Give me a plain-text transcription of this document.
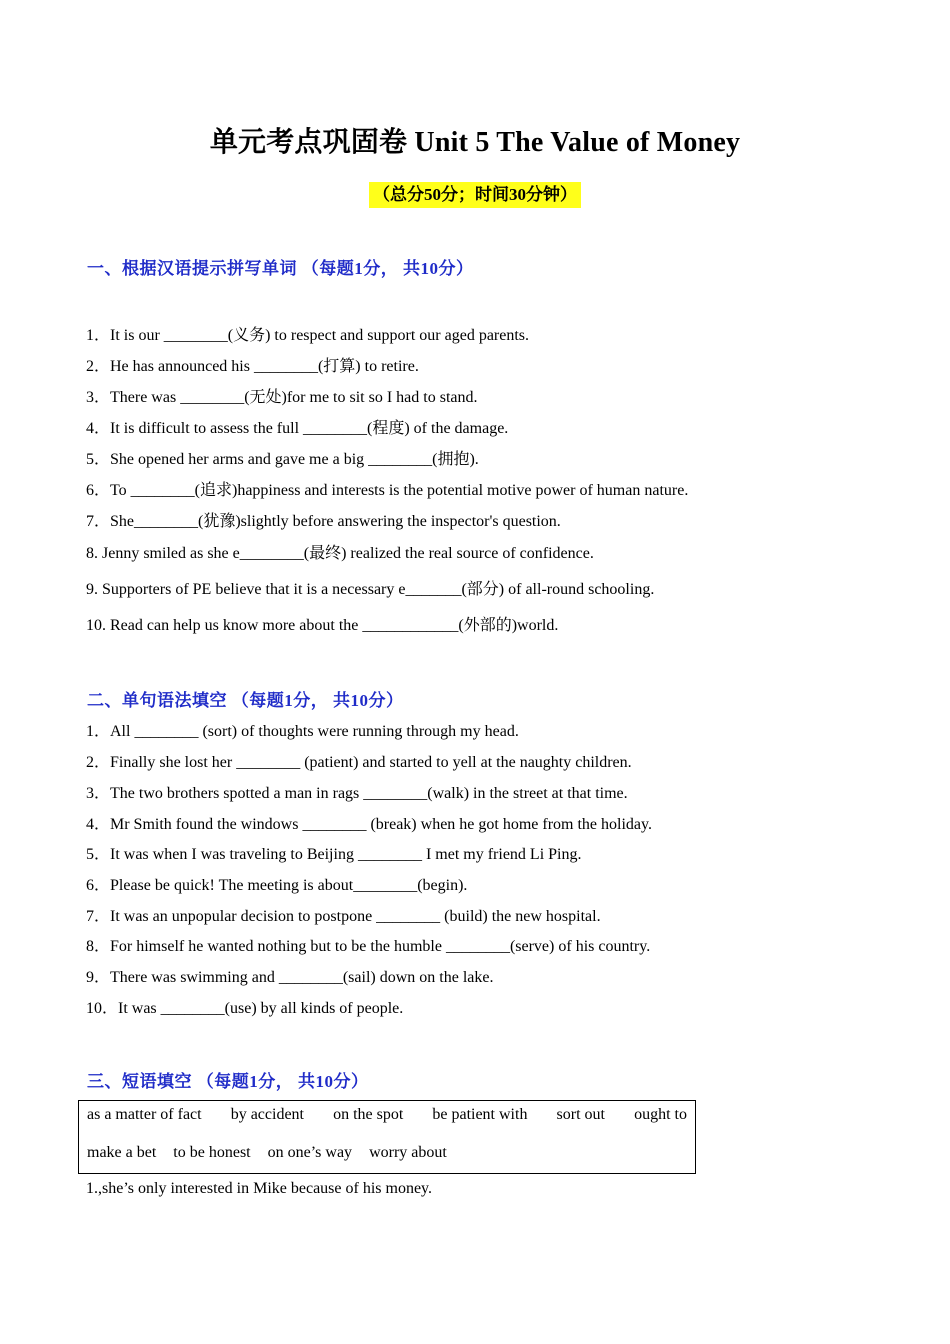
单元考点巩固卷 Unit 5 The Value of Money
（总分50分；时间30分钟）
一、根据汉语提示拼写单词 （每题1分， 共10分）
1．It is our ________(义务) to respect and support our aged parents.
2．He has announced his ________(打算) to retire.
3．There was ________(无处)for me to sit so I had to stand.
4．It is difficult to assess the full ________(程度) of the damage.
5．She opened her arms and gave me a big ________(拥抱).
6．To ________(追求)happiness and interests is the potential motive power of human nature.
7．She________(犹豫)slightly before answering the inspector's question.
8. Jenny smiled as she e________(最终) realized the real source of confidence.
9. Supporters of PE believe that it is a necessary e_______(部分) of all-round schooling.
10. Read can help us know more about the ____________(外部的)world.
二、单句语法填空 （每题1分， 共10分）
1．All ________ (sort) of thoughts were running through my head.
2．Finally she lost her ________ (patient) and started to yell at the naughty children.
3．The two brothers spotted a man in rags ________(walk) in the street at that time.
4．Mr Smith found the windows ________ (break) when he got home from the holiday.
5．It was when I was traveling to Beijing ________ I met my friend Li Ping.
6．Please be quick! The meeting is about________(begin).
7．It was an unpopular decision to postpone ________ (build) the new hospital.
8．For himself he wanted nothing but to be the humble ________(serve) of his country.
9．There was swimming and ________(sail) down on the lake.
10．It was ________(use) by all kinds of people.
三、短语填空 （每题1分， 共10分）
as a matter of fact by accident on the spot be patient with sort out ought to
make a bet to be honest on one’s way worry about
1.,she’s only interested in Mike because of his money.
